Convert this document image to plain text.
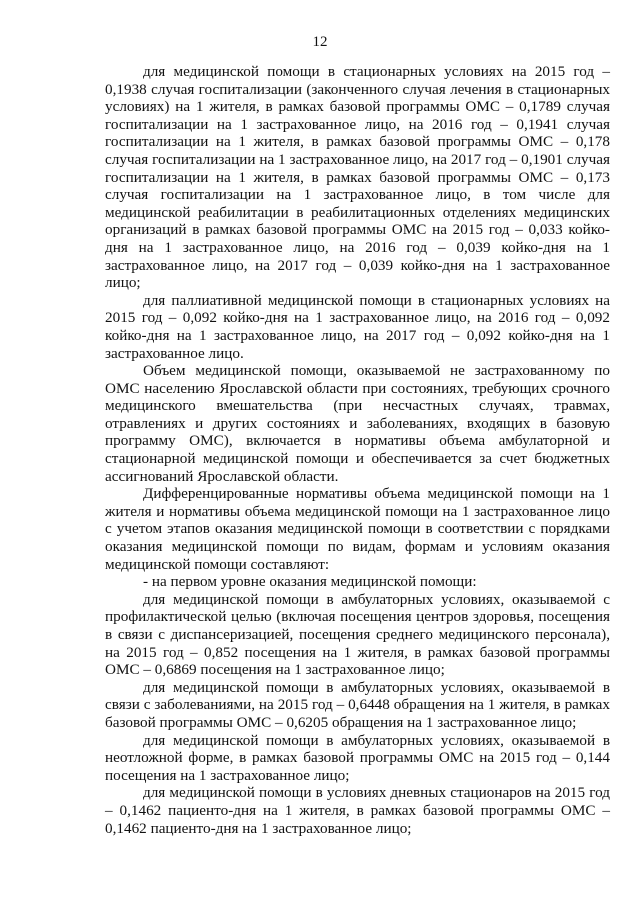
12

для медицинской помощи в стационарных условиях на 2015 год – 0,1938 случая госпитализации (законченного случая лечения в стационарных условиях) на 1 жителя, в рамках базовой программы ОМС – 0,1789 случая госпитализации на 1 застрахованное лицо, на 2016 год – 0,1941 случая госпитализации на 1 жителя, в рамках базовой программы ОМС – 0,178 случая госпитализации на 1 застрахованное лицо, на 2017 год – 0,1901 случая госпитализации на 1 жителя, в рамках базовой программы ОМС – 0,173 случая госпитализации на 1 застрахованное лицо, в том числе для медицинской реабилитации в реабилитационных отделениях медицинских организаций в рамках базовой программы ОМС на 2015 год – 0,033 койко-дня на 1 застрахованное лицо, на 2016 год – 0,039 койко-дня на 1 застрахованное лицо, на 2017 год – 0,039 койко-дня на 1 застрахованное лицо;

для паллиативной медицинской помощи в стационарных условиях на 2015 год – 0,092 койко-дня на 1 застрахованное лицо, на 2016 год – 0,092 койко-дня на 1 застрахованное лицо, на 2017 год – 0,092 койко-дня на 1 застрахованное лицо.

Объем медицинской помощи, оказываемой не застрахованному по ОМС населению Ярославской области при состояниях, требующих срочного медицинского вмешательства (при несчастных случаях, травмах, отравлениях и других состояниях и заболеваниях, входящих в базовую программу ОМС), включается в нормативы объема амбулаторной и стационарной медицинской помощи и обеспечивается за счет бюджетных ассигнований Ярославской области.

Дифференцированные нормативы объема медицинской помощи на 1 жителя и нормативы объема медицинской помощи на 1 застрахованное лицо с учетом этапов оказания медицинской помощи в соответствии с порядками оказания медицинской помощи по видам, формам и условиям оказания медицинской помощи составляют:

- на первом уровне оказания медицинской помощи:

для медицинской помощи в амбулаторных условиях, оказываемой с профилактической целью (включая посещения центров здоровья, посещения в связи с диспансеризацией, посещения среднего медицинского персонала), на 2015 год – 0,852 посещения на 1 жителя, в рамках базовой программы ОМС – 0,6869 посещения на 1 застрахованное лицо;

для медицинской помощи в амбулаторных условиях, оказываемой в связи с заболеваниями, на 2015 год – 0,6448 обращения на 1 жителя, в рамках базовой программы ОМС – 0,6205 обращения на 1 застрахованное лицо;

для медицинской помощи в амбулаторных условиях, оказываемой в неотложной форме, в рамках базовой программы ОМС на 2015 год – 0,144 посещения на 1 застрахованное лицо;

для медицинской помощи в условиях дневных стационаров на 2015 год – 0,1462 пациенто-дня на 1 жителя, в рамках базовой программы ОМС – 0,1462 пациенто-дня на 1 застрахованное лицо;
